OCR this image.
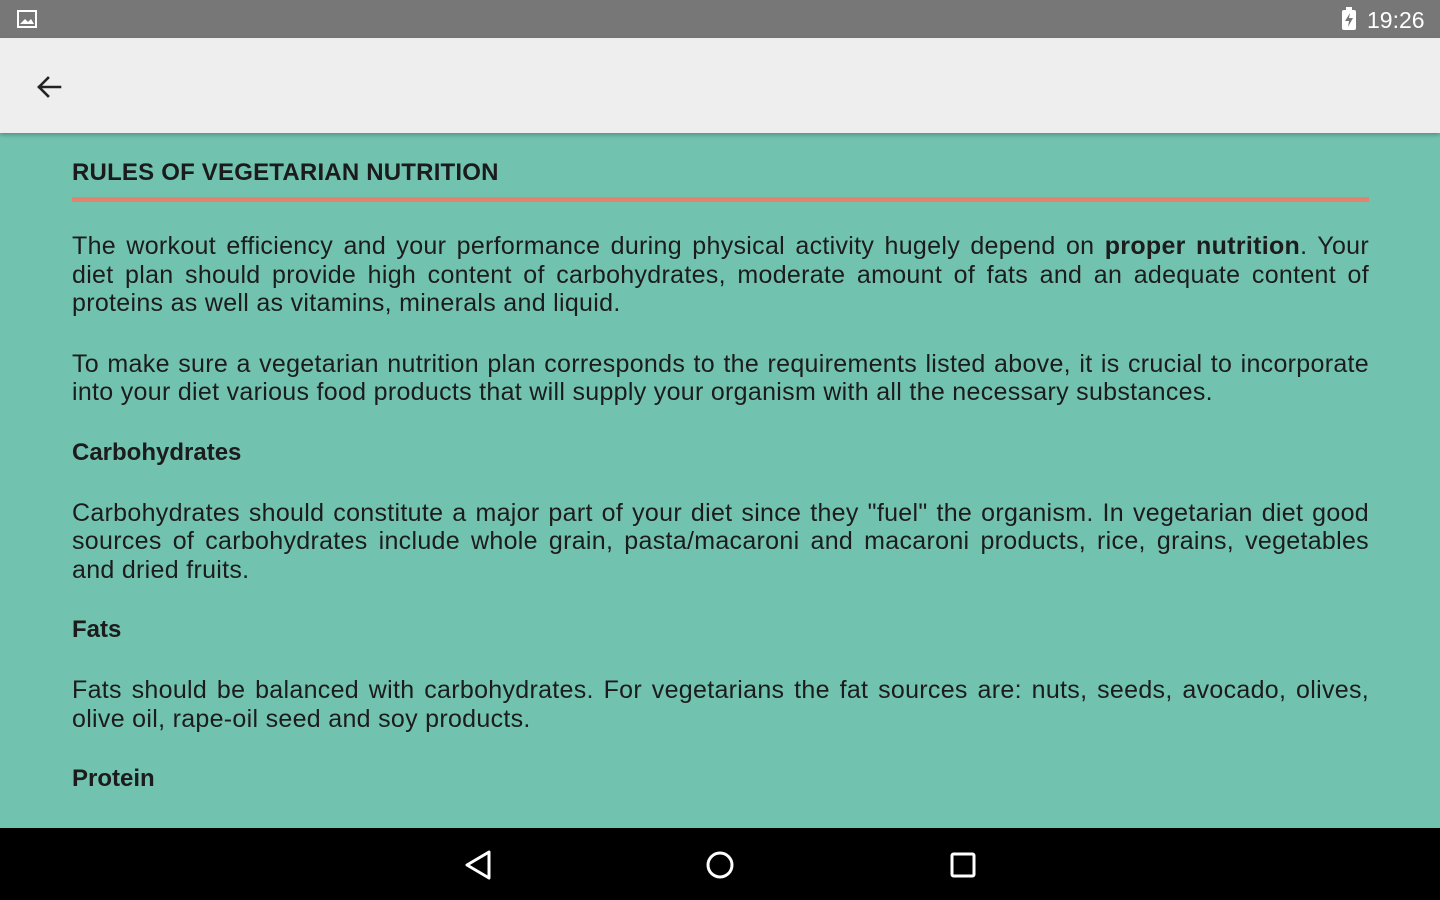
19:26
RULES OF VEGETARIAN NUTRITION

The workout efficiency and your performance during physical activity hugely depend on proper nutrition. Your diet plan should provide high content of carbohydrates, moderate amount of fats and an adequate content of proteins as well as vitamins, minerals and liquid.

To make sure a vegetarian nutrition plan corresponds to the requirements listed above, it is crucial to incorporate into your diet various food products that will supply your organism with all the necessary substances.

Carbohydrates

Carbohydrates should constitute a major part of your diet since they "fuel" the organism. In vegetarian diet good sources of carbohydrates include whole grain, pasta/macaroni and macaroni products, rice, grains, vegetables and dried fruits.

Fats

Fats should be balanced with carbohydrates. For vegetarians the fat sources are: nuts, seeds, avocado, olives, olive oil, rape-oil seed and soy products.

Protein
